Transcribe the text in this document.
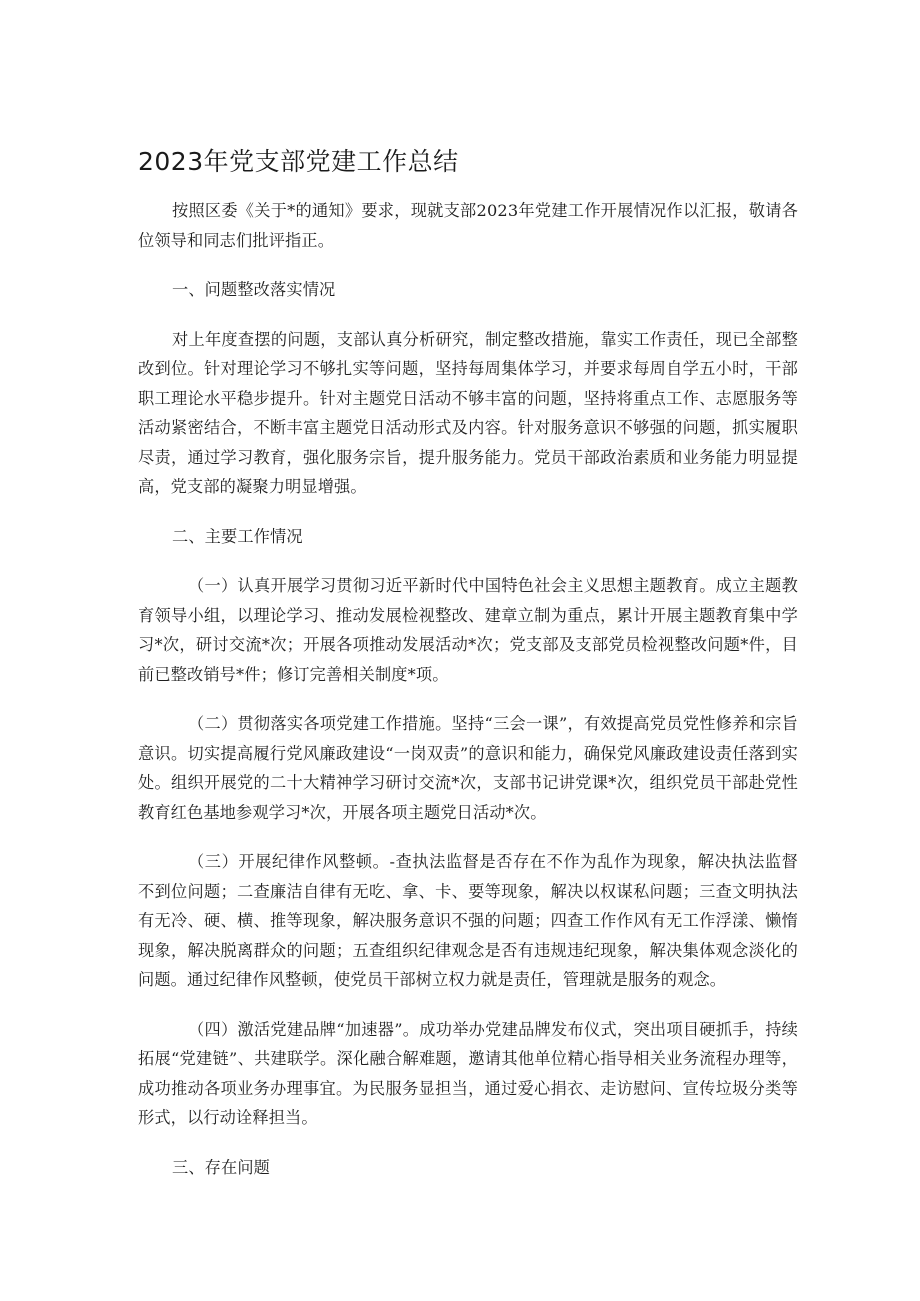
2023年党支部党建工作总结

按照区委《关于*的通知》要求，现就支部2023年党建工作开展情况作以汇报，敬请各位领导和同志们批评指正。

一、问题整改落实情况

对上年度查摆的问题，支部认真分析研究，制定整改措施，靠实工作责任，现已全部整改到位。针对理论学习不够扎实等问题，坚持每周集体学习，并要求每周自学五小时，干部职工理论水平稳步提升。针对主题党日活动不够丰富的问题，坚持将重点工作、志愿服务等活动紧密结合，不断丰富主题党日活动形式及内容。针对服务意识不够强的问题，抓实履职尽责，通过学习教育，强化服务宗旨，提升服务能力。党员干部政治素质和业务能力明显提高，党支部的凝聚力明显增强。

二、主要工作情况

（一）认真开展学习贯彻习近平新时代中国特色社会主义思想主题教育。成立主题教育领导小组，以理论学习、推动发展检视整改、建章立制为重点，累计开展主题教育集中学习*次，研讨交流*次；开展各项推动发展活动*次；党支部及支部党员检视整改问题*件，目前已整改销号*件；修订完善相关制度*项。

（二）贯彻落实各项党建工作措施。坚持“三会一课”，有效提高党员党性修养和宗旨意识。切实提高履行党风廉政建设“一岗双责”的意识和能力，确保党风廉政建设责任落到实处。组织开展党的二十大精神学习研讨交流*次，支部书记讲党课*次，组织党员干部赴党性教育红色基地参观学习*次，开展各项主题党日活动*次。

（三）开展纪律作风整顿。-查执法监督是否存在不作为乱作为现象，解决执法监督不到位问题；二查廉洁自律有无吃、拿、卡、要等现象，解决以权谋私问题；三查文明执法有无冷、硬、横、推等现象，解决服务意识不强的问题；四查工作作风有无工作浮漾、懒惰现象，解决脱离群众的问题；五查组织纪律观念是否有违规违纪现象，解决集体观念淡化的问题。通过纪律作风整顿，使党员干部树立权力就是责任，管理就是服务的观念。

（四）激活党建品牌“加速器”。成功举办党建品牌发布仪式，突出项目硬抓手，持续拓展“党建链”、共建联学。深化融合解难题，邀请其他单位精心指导相关业务流程办理等，成功推动各项业务办理事宜。为民服务显担当，通过爱心捐衣、走访慰问、宣传垃圾分类等形式，以行动诠释担当。

三、存在问题
